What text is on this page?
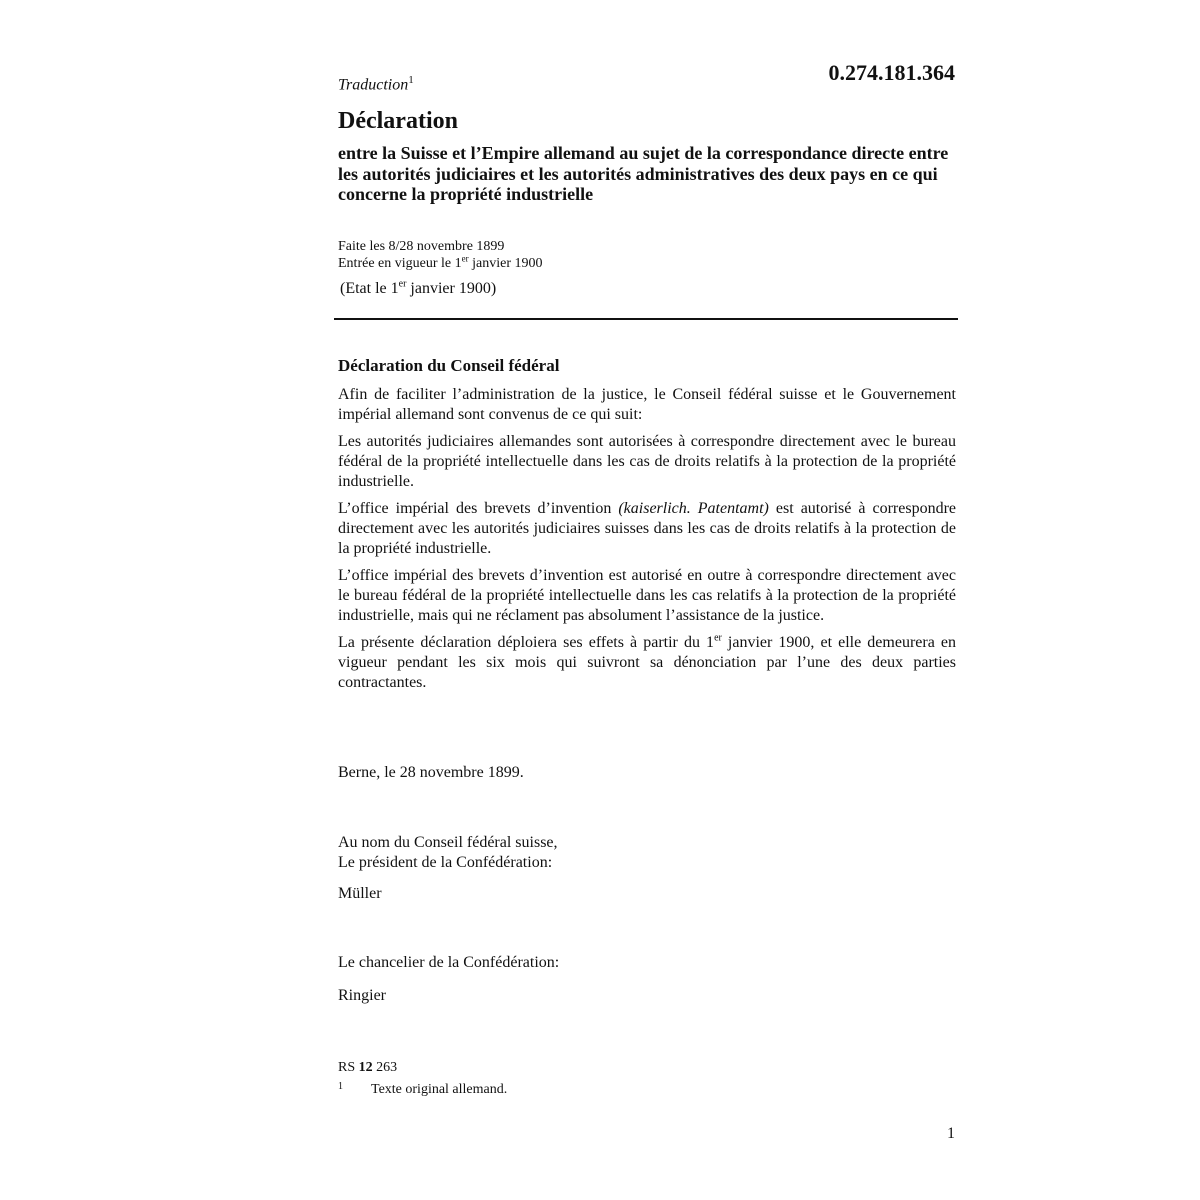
Traduction$^1$	0.274.181.364
Déclaration
entre la Suisse et l’Empire allemand au sujet de la correspondance directe entre les autorités judiciaires et les autorités administratives des deux pays en ce qui concerne la propriété industrielle
Faite les 8/28 novembre 1899
Entrée en vigueur le 1er janvier 1900
(Etat le 1er janvier 1900)
Déclaration du Conseil fédéral

Afin de faciliter l’administration de la justice, le Conseil fédéral suisse et le Gouvernement impérial allemand sont convenus de ce qui suit:

Les autorités judiciaires allemandes sont autorisées à correspondre directement avec le bureau fédéral de la propriété intellectuelle dans les cas de droits relatifs à la protection de la propriété industrielle.

L’office impérial des brevets d’invention (kaiserlich. Patentamt) est autorisé à correspondre directement avec les autorités judiciaires suisses dans les cas de droits relatifs à la protection de la propriété industrielle.

L’office impérial des brevets d’invention est autorisé en outre à correspondre directement avec le bureau fédéral de la propriété intellectuelle dans les cas relatifs à la protection de la propriété industrielle, mais qui ne réclament pas absolument l’assistance de la justice.

La présente déclaration déploiera ses effets à partir du 1er janvier 1900, et elle demeurera en vigueur pendant les six mois qui suivront sa dénonciation par l’une des deux parties contractantes.

Berne, le 28 novembre 1899.
Au nom du Conseil fédéral suisse,
Le président de la Confédération:
Müller
Le chancelier de la Confédération:
Ringier
RS 12 263
1 Texte original allemand.
1
